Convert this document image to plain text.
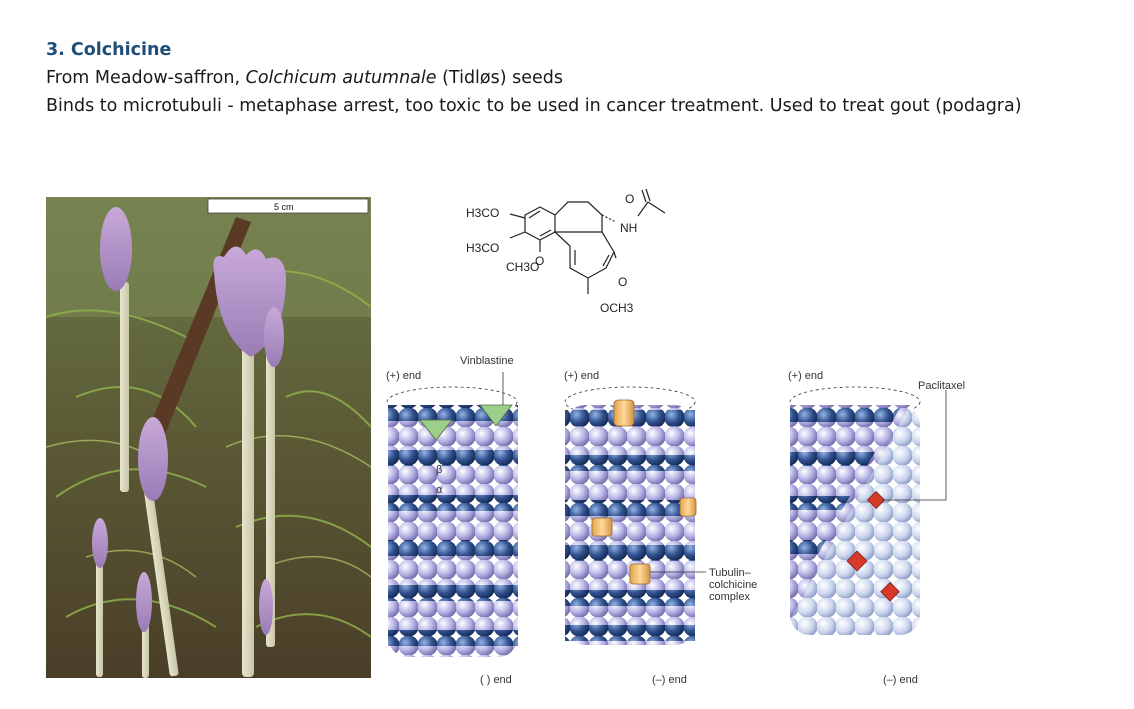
3. Colchicine
From Meadow-saffron, Colchicum autumnale (Tidløs) seeds
Binds to microtubuli - metaphase arrest, too toxic to be used in cancer treatment. Used to treat gout (podagra)
5 cm	H3CO
H3CO
CH3O
O
NH
O
O
OCH3
β
α
(+) end
Vinblastine
( ) end
(+) end
Tubulin–
colchicine
complex
(–) end
(+) end
Paclitaxel
(–) end
